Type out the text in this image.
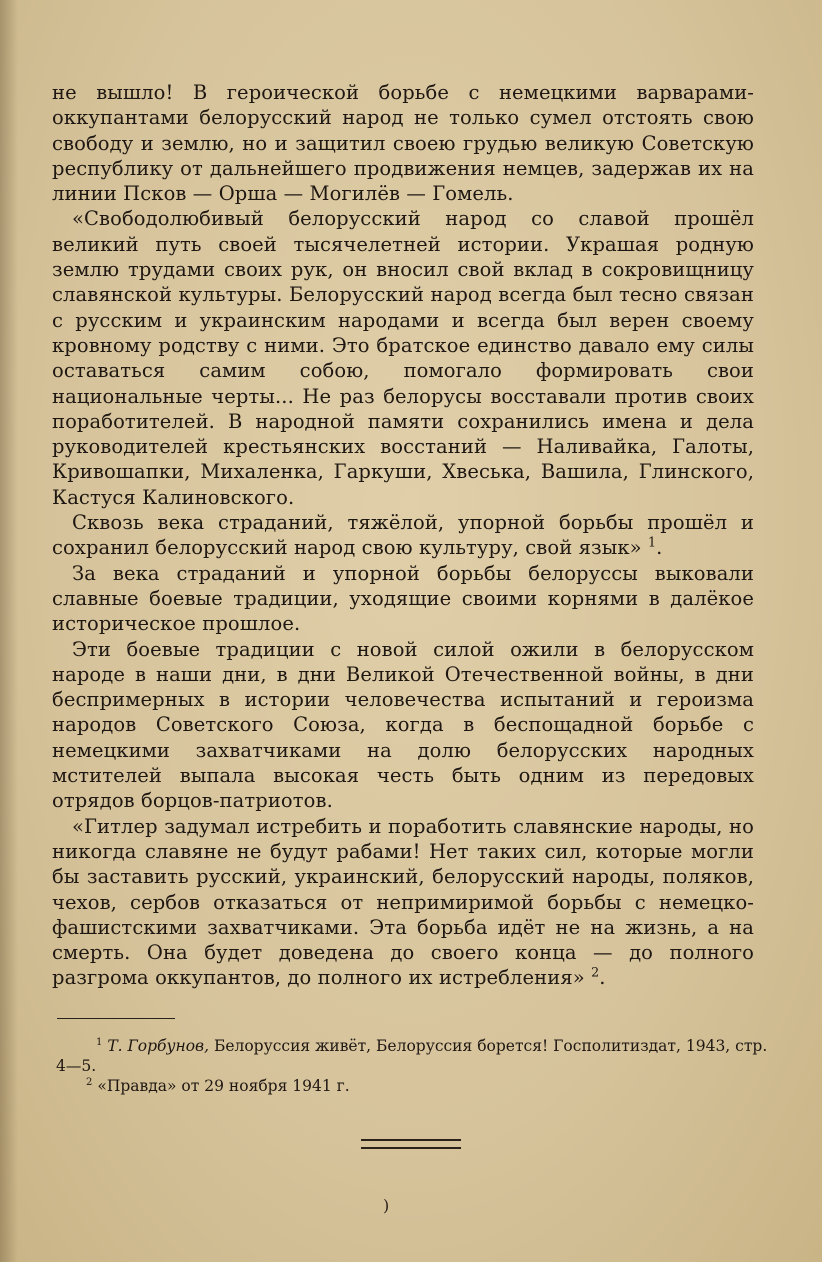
не вышло! В героической борьбе с немецкими варварами-оккупантами белорусский народ не только сумел отстоять свою свободу и землю, но и защитил своею грудью великую Советскую республику от дальнейшего продвижения немцев, задержав их на линии Псков — Орша — Могилёв — Гомель.

«Свободолюбивый белорусский народ со славой прошёл великий путь своей тысячелетней истории. Украшая родную землю трудами своих рук, он вносил свой вклад в сокровищницу славянской культуры. Белорусский народ всегда был тесно связан с русским и украинским народами и всегда был верен своему кровному родству с ними. Это братское единство давало ему силы оставаться самим собою, помогало формировать свои национальные черты... Не раз белорусы восставали против своих поработителей. В народной памяти сохранились имена и дела руководителей крестьянских восстаний — Наливайка, Галоты, Кривошапки, Михаленка, Гаркуши, Хвеська, Вашила, Глинского, Кастуся Калиновского.

Сквозь века страданий, тяжёлой, упорной борьбы прошёл и сохранил белорусский народ свою культуру, свой язык» $^1$.

За века страданий и упорной борьбы белоруссы выковали славные боевые традиции, уходящие своими корнями в далёкое историческое прошлое.

Эти боевые традиции с новой силой ожили в белорусском народе в наши дни, в дни Великой Отечественной войны, в дни беспримерных в истории человечества испытаний и героизма народов Советского Союза, когда в беспощадной борьбе с немецкими захватчиками на долю белорусских народных мстителей выпала высокая честь быть одним из передовых отрядов борцов-патриотов.

«Гитлер задумал истребить и поработить славянские народы, но никогда славяне не будут рабами! Нет таких сил, которые могли бы заставить русский, украинский, белорусский народы, поляков, чехов, сербов отказаться от непримиримой борьбы с немецко-фашистскими захватчиками. Эта борьба идёт не на жизнь, а на смерть. Она будет доведена до своего конца — до полного разгрома оккупантов, до полного их истребления» $^2$.

$^1$ Т. Горбунов, Белоруссия живёт, Белоруссия борется! Госполитиздат, 1943, стр. 4—5.

$^2$ «Правда» от 29 ноября 1941 г.

)
